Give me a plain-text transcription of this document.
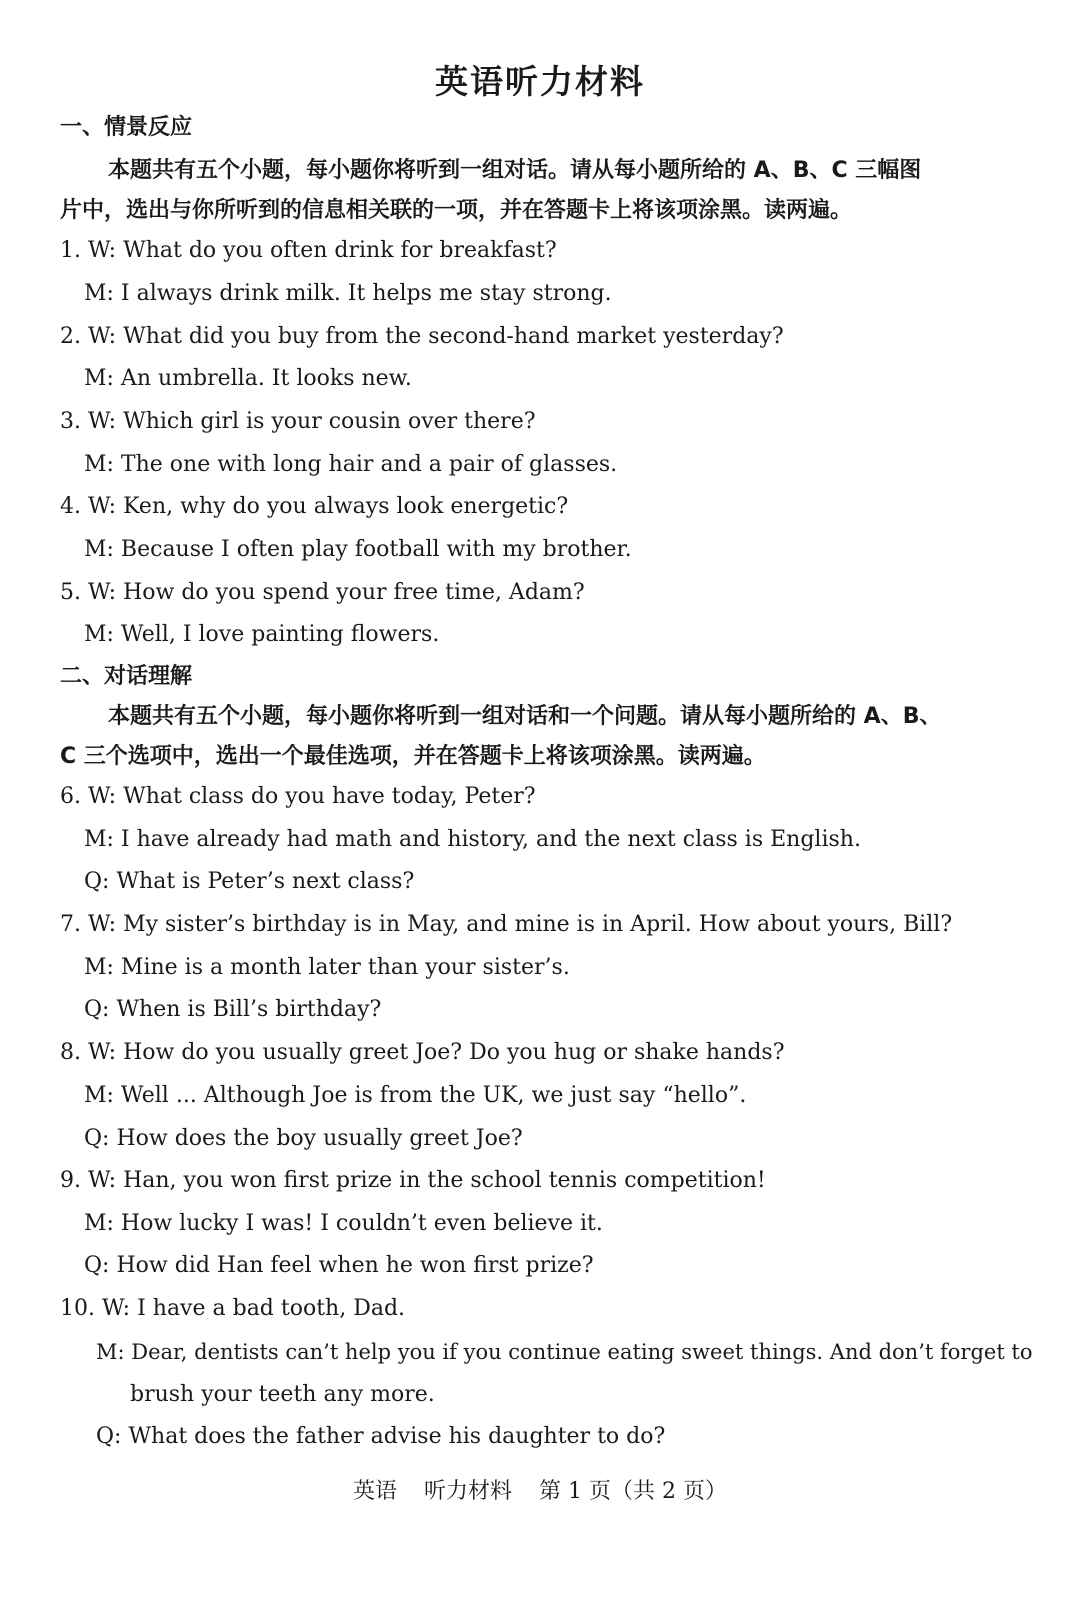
英语听力材料
一、情景反应
本题共有五个小题，每小题你将听到一组对话。请从每小题所给的 A、B、C 三幅图
片中，选出与你所听到的信息相关联的一项，并在答题卡上将该项涂黑。读两遍。
1. W: What do you often drink for breakfast?
M: I always drink milk. It helps me stay strong.
2. W: What did you buy from the second-hand market yesterday?
M: An umbrella. It looks new.
3. W: Which girl is your cousin over there?
M: The one with long hair and a pair of glasses.
4. W: Ken, why do you always look energetic?
M: Because I often play football with my brother.
5. W: How do you spend your free time, Adam?
M: Well, I love painting flowers.
二、对话理解
本题共有五个小题，每小题你将听到一组对话和一个问题。请从每小题所给的 A、B、
C 三个选项中，选出一个最佳选项，并在答题卡上将该项涂黑。读两遍。
6. W: What class do you have today, Peter?
M: I have already had math and history, and the next class is English.
Q: What is Peter’s next class?
7. W: My sister’s birthday is in May, and mine is in April. How about yours, Bill?
M: Mine is a month later than your sister’s.
Q: When is Bill’s birthday?
8. W: How do you usually greet Joe? Do you hug or shake hands?
M: Well ... Although Joe is from the UK, we just say “hello”.
Q: How does the boy usually greet Joe?
9. W: Han, you won first prize in the school tennis competition!
M: How lucky I was! I couldn’t even believe it.
Q: How did Han feel when he won first prize?
10. W: I have a bad tooth, Dad.
M: Dear, dentists can’t help you if you continue eating sweet things. And don’t forget to
brush your teeth any more.
Q: What does the father advise his daughter to do?
英语 听力材料 第 1 页（共 2 页）
